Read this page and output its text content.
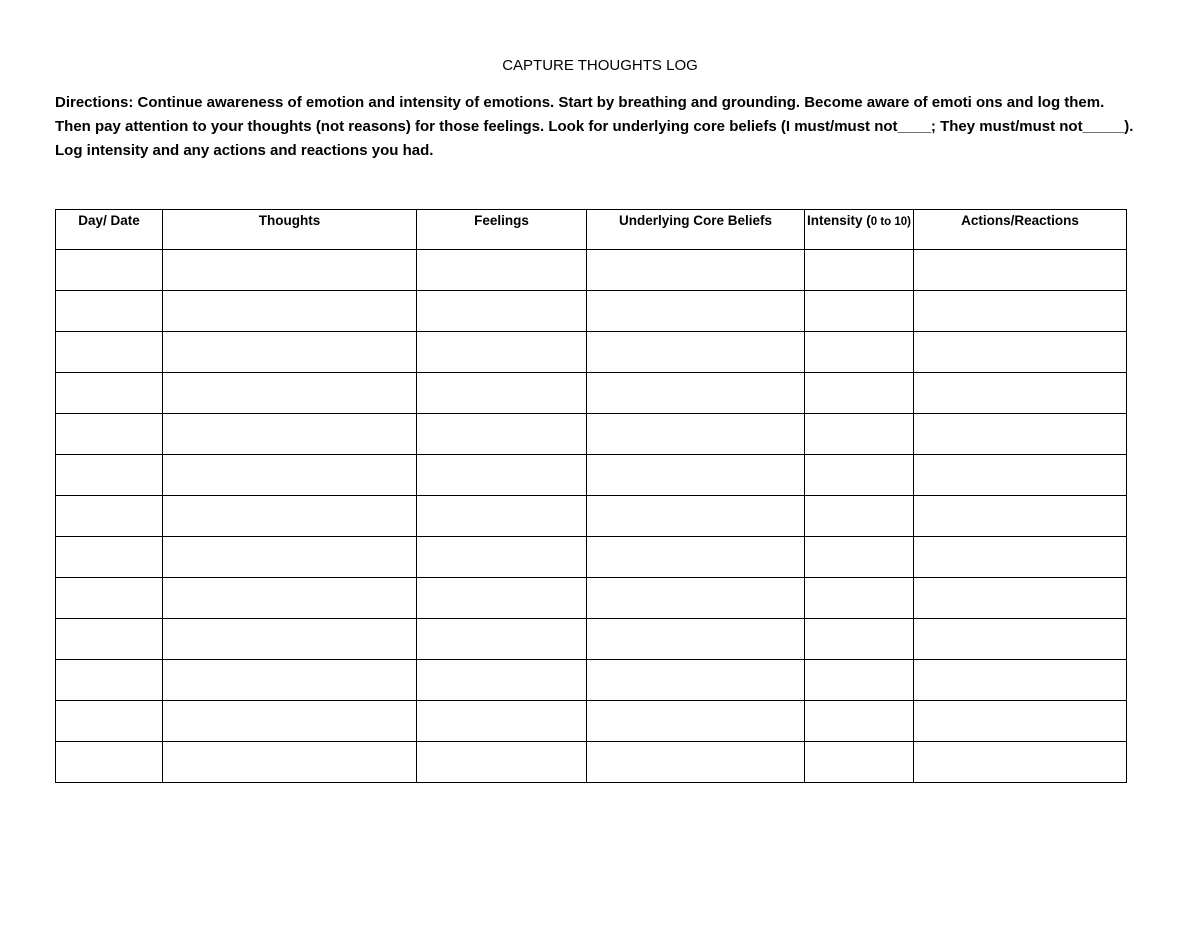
CAPTURE THOUGHTS LOG

Directions: Continue awareness of emotion and intensity of emotions. Start by breathing and grounding. Become aware of emoti ons and log them. Then pay attention to your thoughts (not reasons) for those feelings. Look for underlying core beliefs (I must/must not____; They must/must not_____). Log intensity and any actions and reactions you had.

Day/ Date	Thoughts	Feelings	Underlying Core Beliefs	Intensity (0 to 10)	Actions/Reactions
